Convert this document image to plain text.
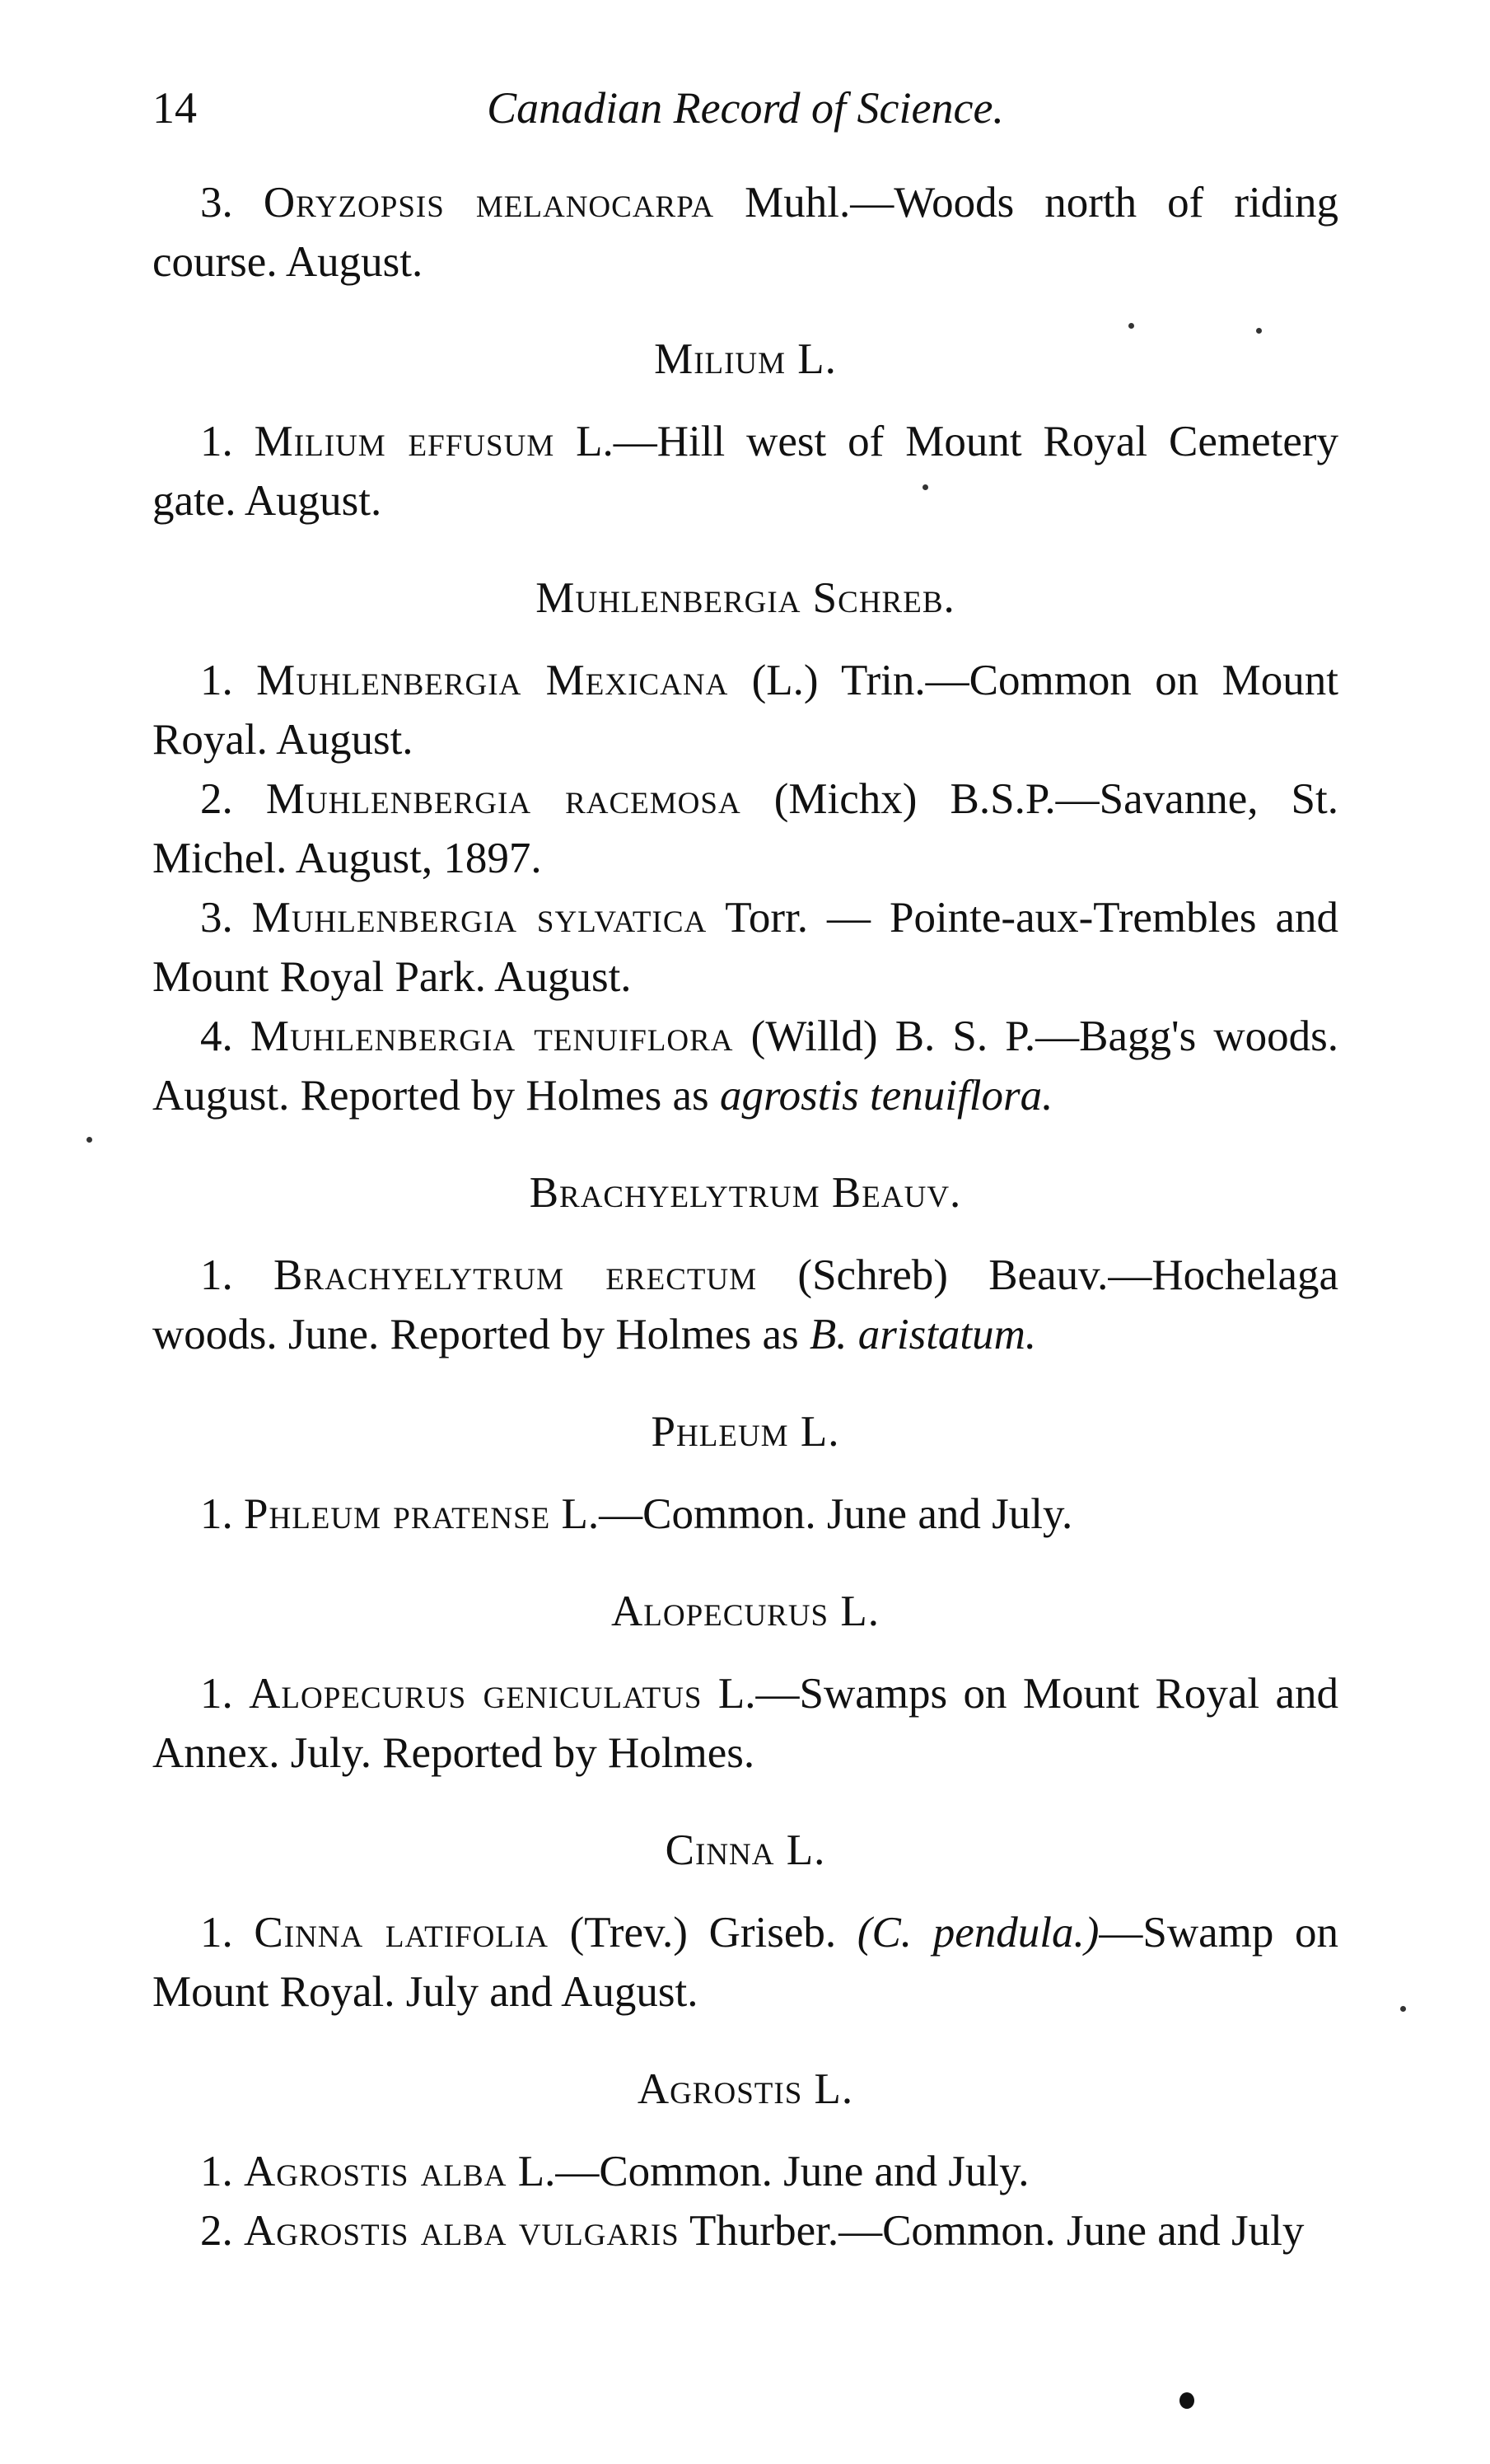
14	Canadian Record of Science.

3. Oryzopsis melanocarpa Muhl.—Woods north of riding course. August.

Milium L.

1. Milium effusum L.—Hill west of Mount Royal Cemetery gate. August.

Muhlenbergia Schreb.

1. Muhlenbergia Mexicana (L.) Trin.—Common on Mount Royal. August.

2. Muhlenbergia racemosa (Michx) B.S.P.—Savanne, St. Michel. August, 1897.

3. Muhlenbergia sylvatica Torr. — Pointe-aux-Trembles and Mount Royal Park. August.

4. Muhlenbergia tenuiflora (Willd) B. S. P.—Bagg's woods. August. Reported by Holmes as agrostis tenuiflora.

Brachyelytrum Beauv.

1. Brachyelytrum erectum (Schreb) Beauv.—Hochelaga woods. June. Reported by Holmes as B. aristatum.

Phleum L.

1. Phleum pratense L.—Common. June and July.

Alopecurus L.

1. Alopecurus geniculatus L.—Swamps on Mount Royal and Annex. July. Reported by Holmes.

Cinna L.

1. Cinna latifolia (Trev.) Griseb. (C. pendula.)—Swamp on Mount Royal. July and August.

Agrostis L.

1. Agrostis alba L.—Common. June and July.

2. Agrostis alba vulgaris Thurber.—Common. June and July
